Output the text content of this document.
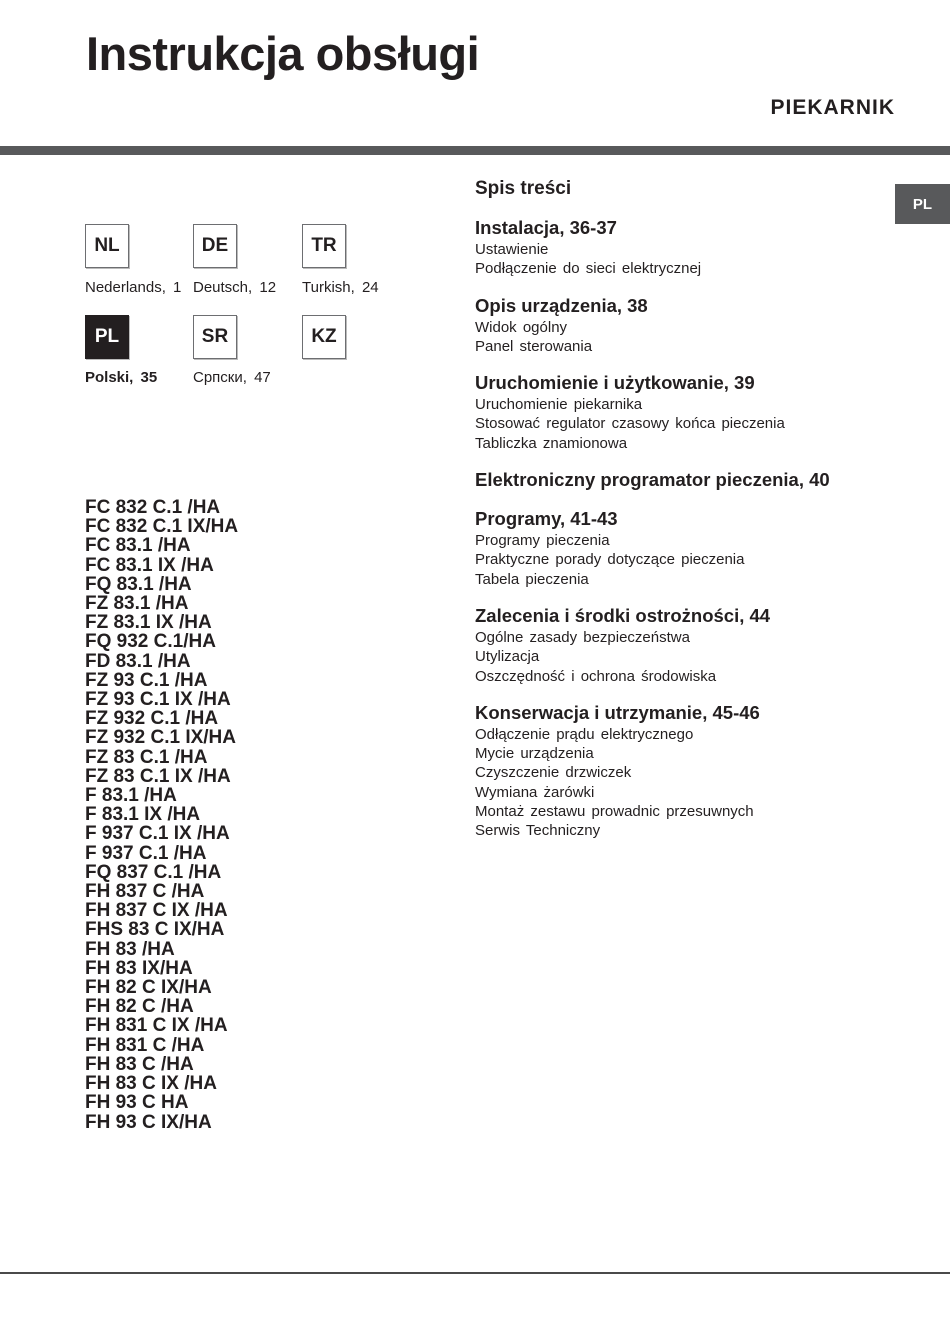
Instrukcja obsługi
PIEKARNIK
PL
NL	DE	TR
Nederlands, 1 Deutsch, 12 Turkish, 24
PL	SR	KZ
Polski, 35 Српски, 47
FC 832 C.1 /HA
FC 832 C.1 IX/HA
FC 83.1 /HA
FC 83.1 IX /HA
FQ 83.1 /HA
FZ 83.1 /HA
FZ 83.1 IX /HA
FQ 932 C.1/HA
FD 83.1 /HA
FZ 93 C.1 /HA
FZ 93 C.1 IX /HA
FZ 932 C.1 /HA
FZ 932 C.1 IX/HA
FZ 83 C.1 /HA
FZ 83 C.1 IX /HA
F 83.1 /HA
F 83.1 IX /HA
F 937 C.1 IX /HA
F 937 C.1 /HA
FQ 837 C.1 /HA
FH 837 C /HA
FH 837 C IX /HA
FHS 83 C IX/HA
FH 83 /HA
FH 83 IX/HA
FH 82 C IX/HA
FH 82 C /HA
FH 831 C IX /HA
FH 831 C /HA
FH 83 C /HA
FH 83 C IX /HA
FH 93 C HA
FH 93 C IX/HA
Spis treści
Instalacja, 36-37
Ustawienie
Podłączenie do sieci elektrycznej
Opis urządzenia, 38
Widok ogólny
Panel sterowania
Uruchomienie i użytkowanie, 39
Uruchomienie piekarnika
Stosować regulator czasowy końca pieczenia
Tabliczka znamionowa
Elektroniczny programator pieczenia, 40
Programy, 41-43
Programy pieczenia
Praktyczne porady dotyczące pieczenia
Tabela pieczenia
Zalecenia i środki ostrożności, 44
Ogólne zasady bezpieczeństwa
Utylizacja
Oszczędność i ochrona środowiska
Konserwacja i utrzymanie, 45-46
Odłączenie prądu elektrycznego
Mycie urządzenia
Czyszczenie drzwiczek
Wymiana żarówki
Montaż zestawu prowadnic przesuwnych
Serwis Techniczny
